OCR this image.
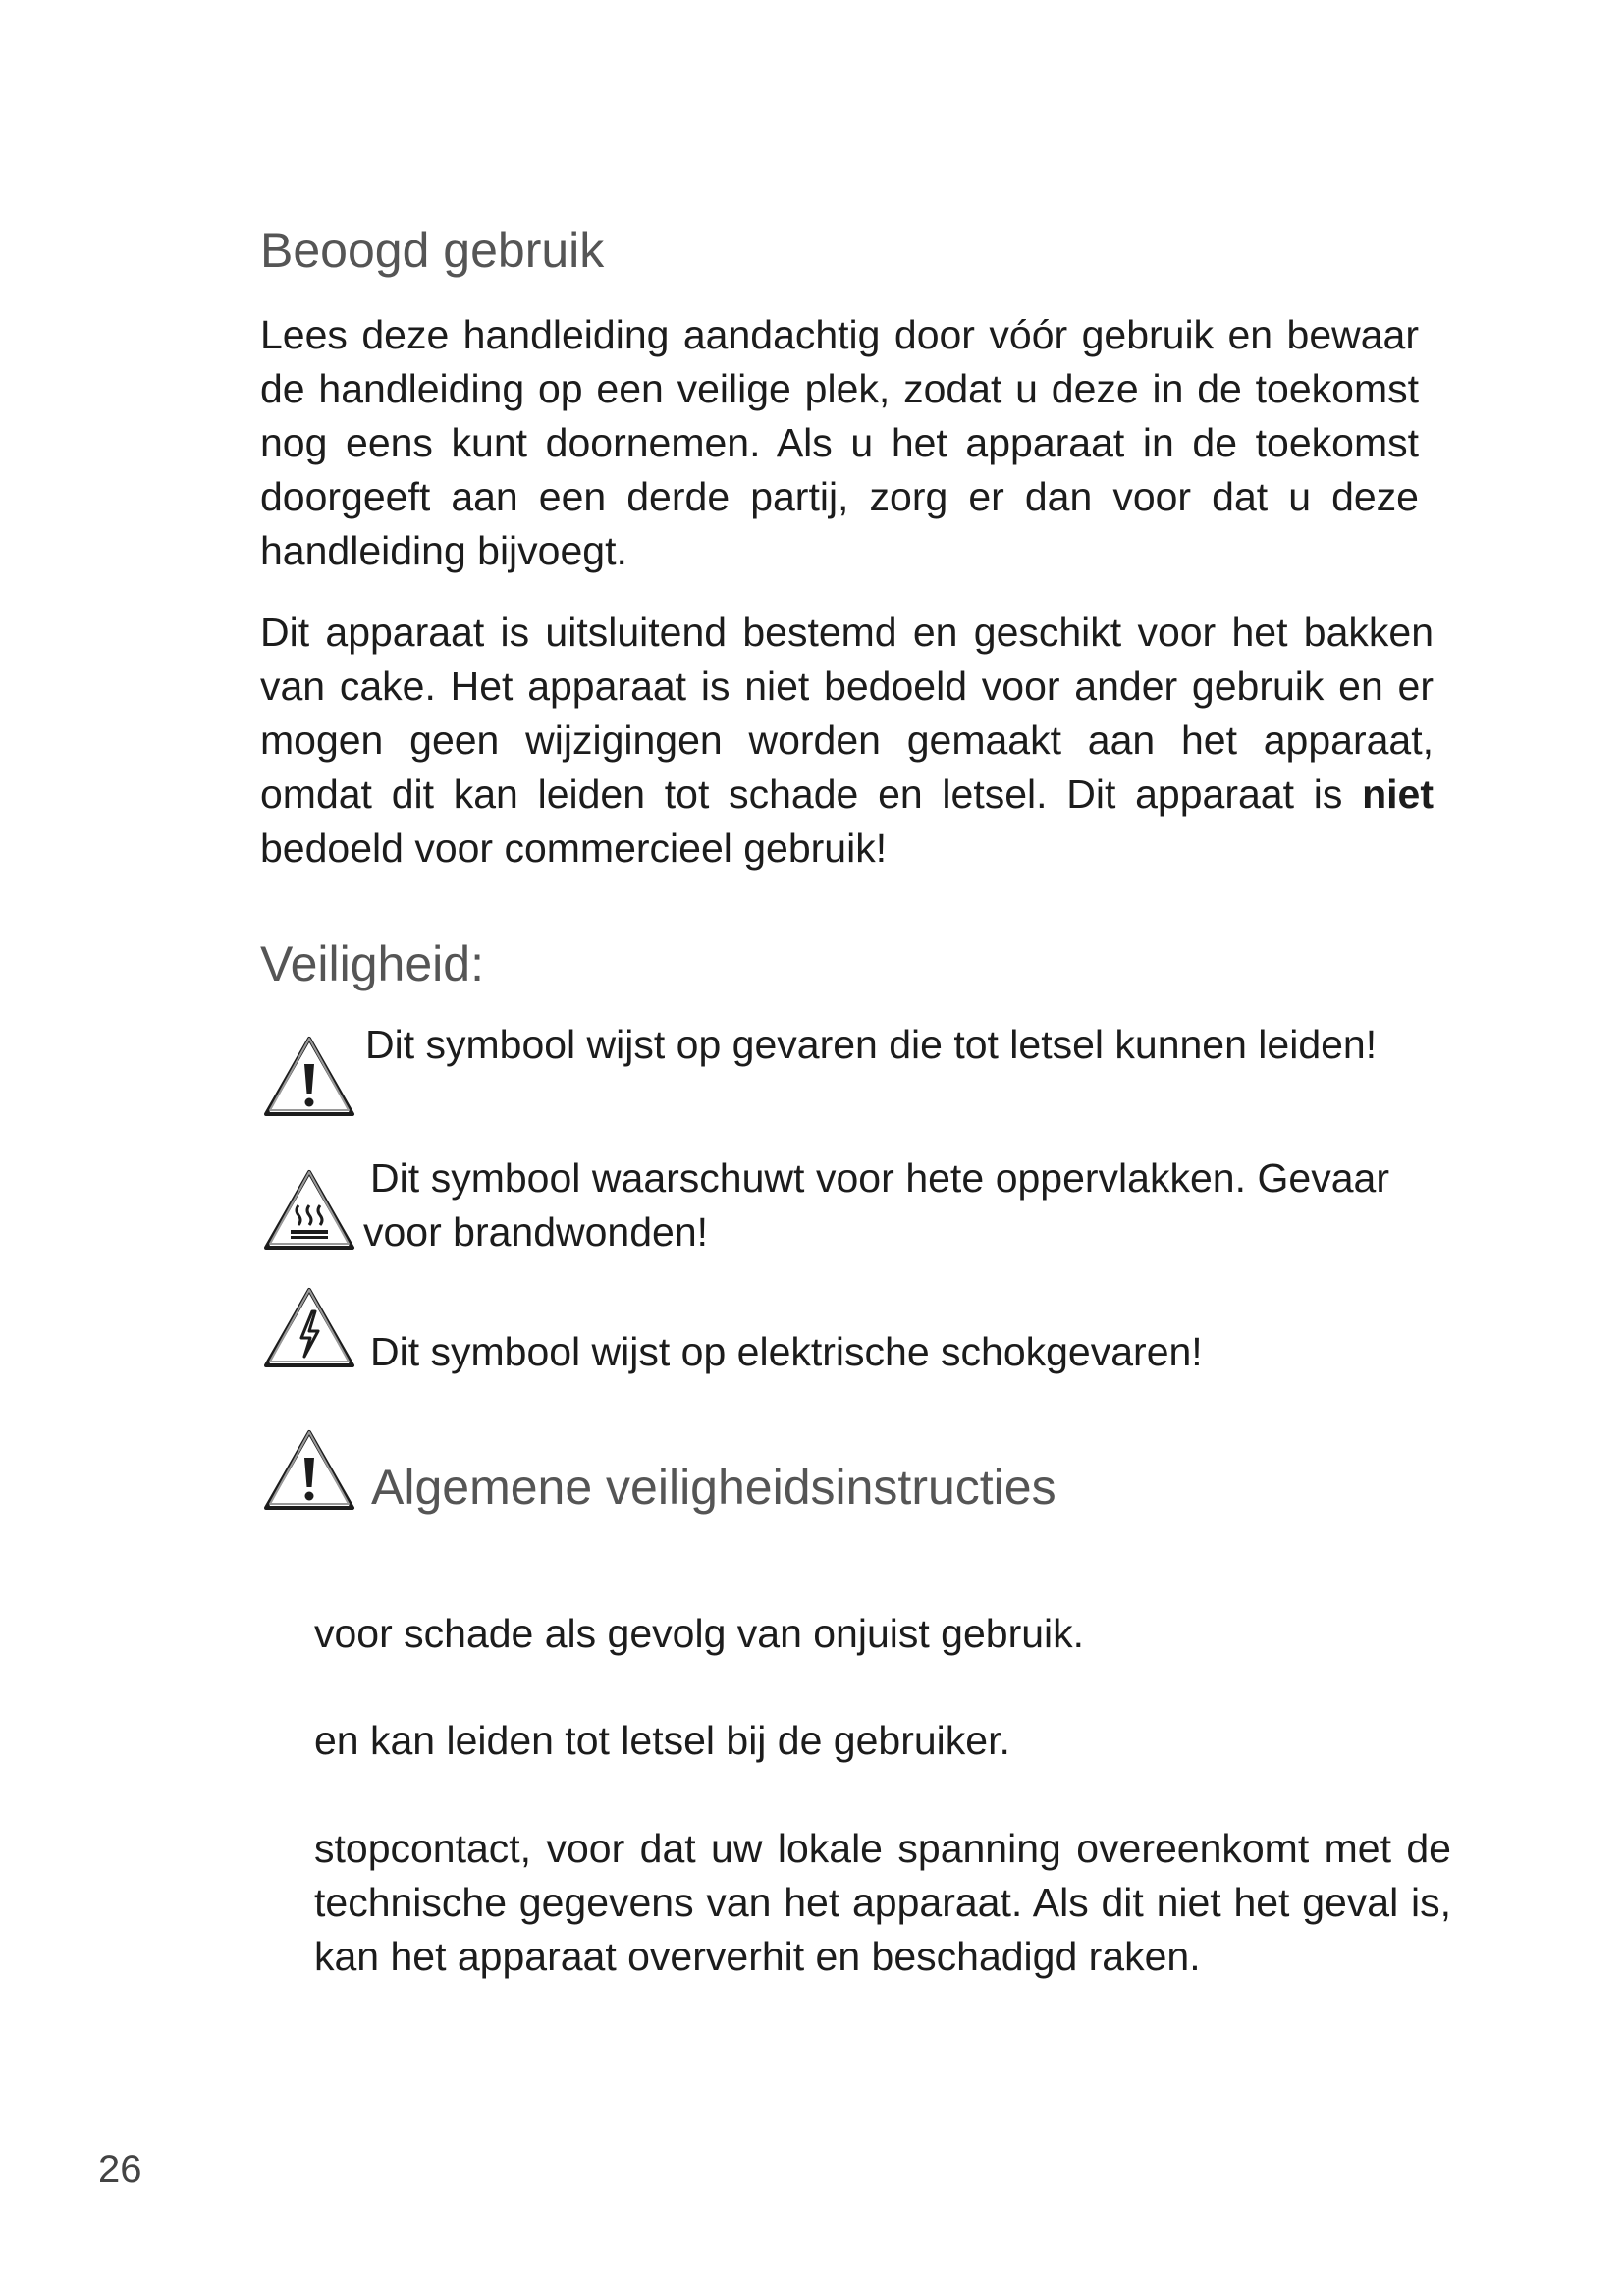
Beoogd gebruik

Lees deze handleiding aandachtig door vóór gebruik en bewaar de handleiding op een veilige plek, zodat u deze in de toekomst nog eens kunt doornemen. Als u het apparaat in de toekomst doorgeeft aan een derde partij, zorg er dan voor dat u deze handleiding bijvoegt.

Dit apparaat is uitsluitend bestemd en geschikt voor het bakken van cake. Het apparaat is niet bedoeld voor ander gebruik en er mogen geen wijzigingen worden gemaakt aan het apparaat, omdat dit kan leiden tot schade en letsel. Dit apparaat is niet bedoeld voor commercieel gebruik!

Veiligheid:

Dit symbool wijst op gevaren die tot letsel kunnen leiden!

Dit symbool waarschuwt voor hete oppervlakken. Gevaar voor brandwonden!

Dit symbool wijst op elektrische schokgevaren!

Algemene veiligheidsinstructies

voor schade als gevolg van onjuist gebruik.

en kan leiden tot letsel bij de gebruiker.

stopcontact, voor dat uw lokale spanning overeenkomt met de technische gegevens van het apparaat. Als dit niet het geval is, kan het apparaat oververhit en beschadigd raken.

26
